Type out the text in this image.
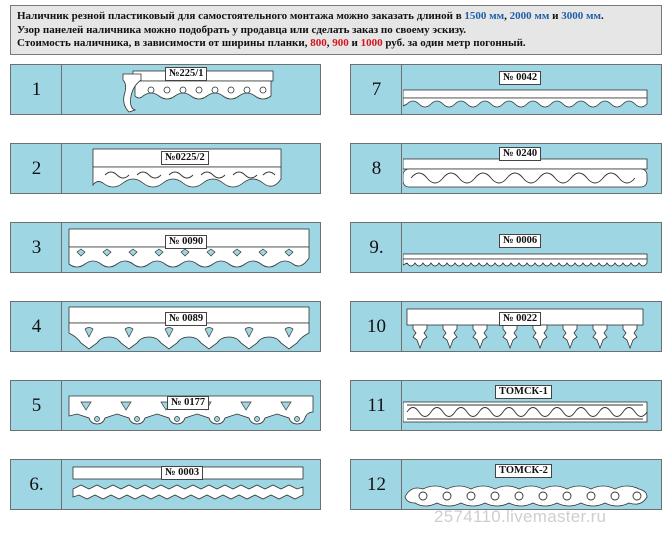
Наличник резной пластиковый для самостоятельного монтажа можно заказать длиной в 1500 мм, 2000 мм и 3000 мм.
Узор панелей наличника можно подобрать у продавца или сделать заказ по своему эскизу.
Стоимость наличника, в зависимости от ширины планки, 800, 900 и 1000 руб. за один метр погонный.
1
№225/1
2	№0225/2
3	№ 0090
4	№ 0089
5	№ 0177
6.
№ 0003
7
№ 0042
8
№ 0240
9.	№ 0006
10	№ 0022
11
ТОМСК-1
12
ТОМСК-2
2574110.livemaster.ru
